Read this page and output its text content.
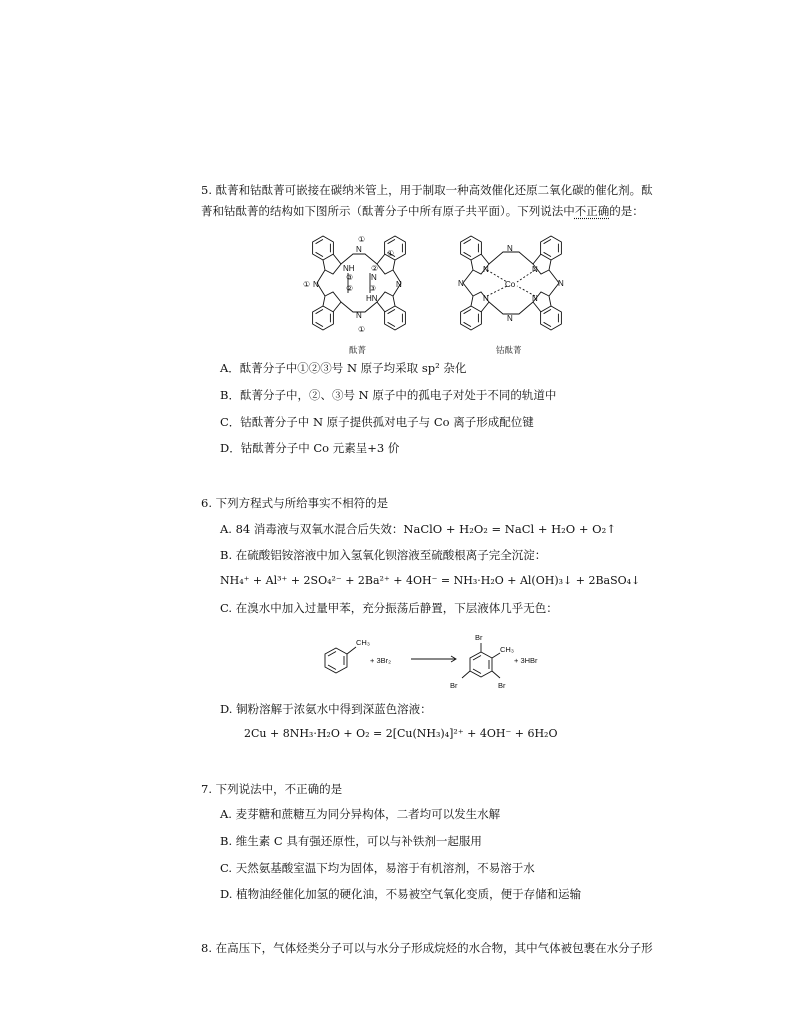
5. 酞菁和钴酞菁可嵌接在碳纳米管上，用于制取一种高效催化还原二氧化碳的催化剂。酞
菁和钴酞菁的结构如下图所示（酞菁分子中所有原子共平面）。下列说法中不正确的是：
N
①
①
NH
③
②
②
N
③
HN
N
①	N
N
①
N
N
N	N
N	N
N	N
Co
酞菁	钴酞菁
A．酞菁分子中①②③号 N 原子均采取 sp² 杂化
B．酞菁分子中，②、③号 N 原子中的孤电子对处于不同的轨道中
C．钴酞菁分子中 N 原子提供孤对电子与 Co 离子形成配位键
D．钴酞菁分子中 Co 元素呈+3 价
6. 下列方程式与所给事实不相符的是
A. 84 消毒液与双氧水混合后失效：NaClO + H₂O₂ = NaCl + H₂O + O₂↑
B. 在硫酸铝铵溶液中加入氢氧化钡溶液至硫酸根离子完全沉淀：
NH₄⁺ + Al³⁺ + 2SO₄²⁻ + 2Ba²⁺ + 4OH⁻ = NH₃·H₂O + Al(OH)₃↓ + 2BaSO₄↓
C. 在溴水中加入过量甲苯，充分振荡后静置，下层液体几乎无色：
CH₃
+ 3Br₂
Br
CH₃
Br
Br
+ 3HBr
D. 铜粉溶解于浓氨水中得到深蓝色溶液：
2Cu + 8NH₃·H₂O + O₂ = 2[Cu(NH₃)₄]²⁺ + 4OH⁻ + 6H₂O
7. 下列说法中，不正确的是
A. 麦芽糖和蔗糖互为同分异构体，二者均可以发生水解
B. 维生素 C 具有强还原性，可以与补铁剂一起服用
C. 天然氨基酸室温下均为固体，易溶于有机溶剂，不易溶于水
D. 植物油经催化加氢的硬化油，不易被空气氧化变质，便于存储和运输
8. 在高压下，气体烃类分子可以与水分子形成烷烃的水合物，其中气体被包裹在水分子形
